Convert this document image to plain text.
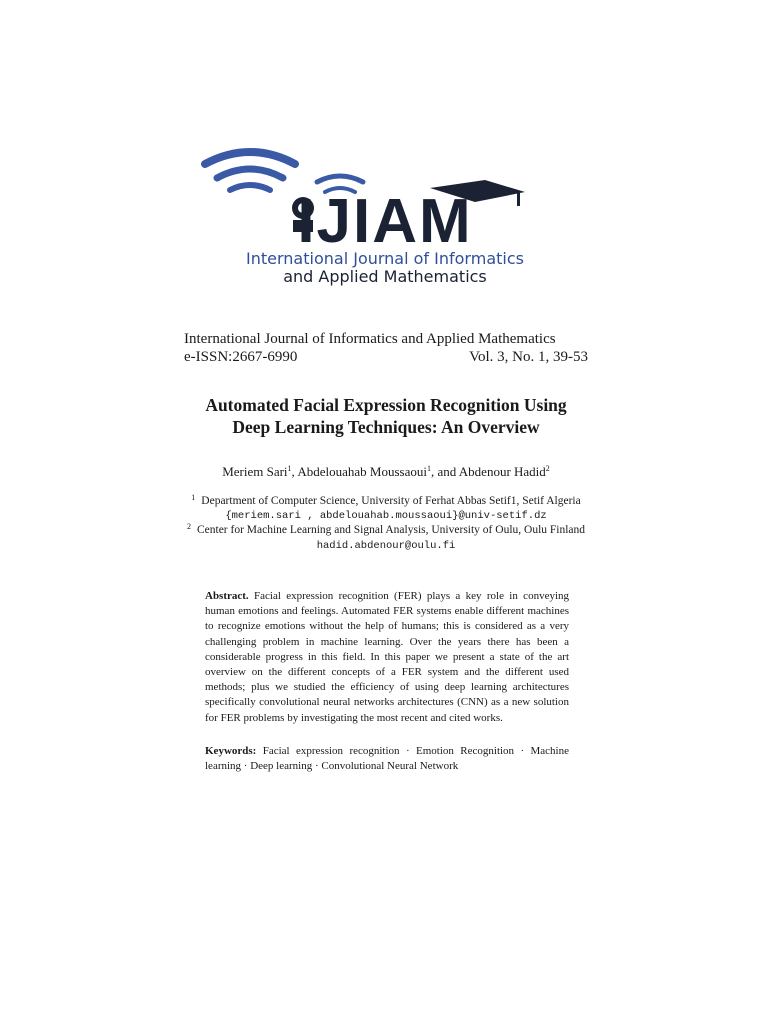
IJIAM
International Journal of Informatics
and Applied Mathematics
International Journal of Informatics and Applied Mathematics
e-ISSN:2667-6990	Vol. 3, No. 1, 39-53
Automated Facial Expression Recognition Using
Deep Learning Techniques: An Overview
Meriem Sari$^1$, Abdelouahab Moussaoui$^1$, and Abdenour Hadid$^2$
$^1$ Department of Computer Science, University of Ferhat Abbas Setif1, Setif Algeria
{meriem.sari , abdelouahab.moussaoui}@univ-setif.dz
$^2$ Center for Machine Learning and Signal Analysis, University of Oulu, Oulu Finland
hadid.abdenour@oulu.fi
Abstract. Facial expression recognition (FER) plays a key role in conveying human emotions and feelings. Automated FER systems enable different machines to recognize emotions without the help of humans; this is considered as a very challenging problem in machine learning. Over the years there has been a considerable progress in this field. In this paper we present a state of the art overview on the different concepts of a FER system and the different used methods; plus we studied the efficiency of using deep learning architectures specifically convolutional neural networks architectures (CNN) as a new solution for FER problems by investigating the most recent and cited works.
Keywords: Facial expression recognition · Emotion Recognition · Machine learning · Deep learning · Convolutional Neural Network
